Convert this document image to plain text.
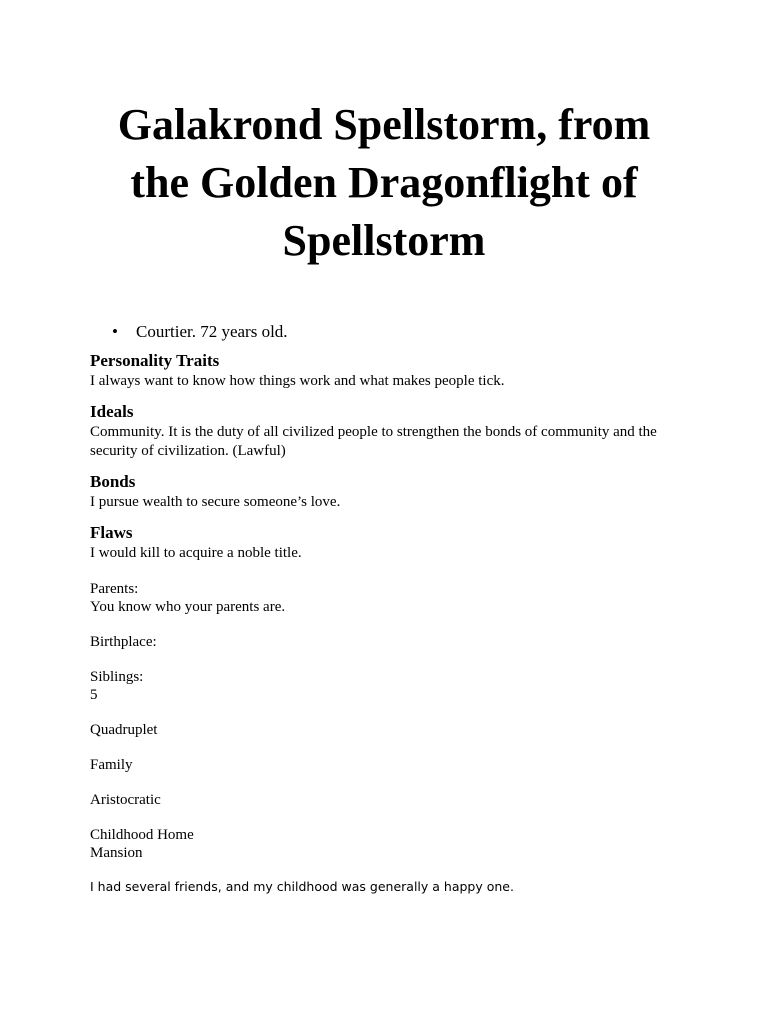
Galakrond Spellstorm, from the Golden Dragonflight of Spellstorm
• Courtier. 72 years old.
Personality Traits

I always want to know how things work and what makes people tick.

Ideals

Community. It is the duty of all civilized people to strengthen the bonds of community and the security of civilization. (Lawful)

Bonds

I pursue wealth to secure someone’s love.

Flaws

I would kill to acquire a noble title.

Parents:

You know who your parents are.

Birthplace:

Siblings:

5

Quadruplet

Family

Aristocratic

Childhood Home

Mansion

I had several friends, and my childhood was generally a happy one.
